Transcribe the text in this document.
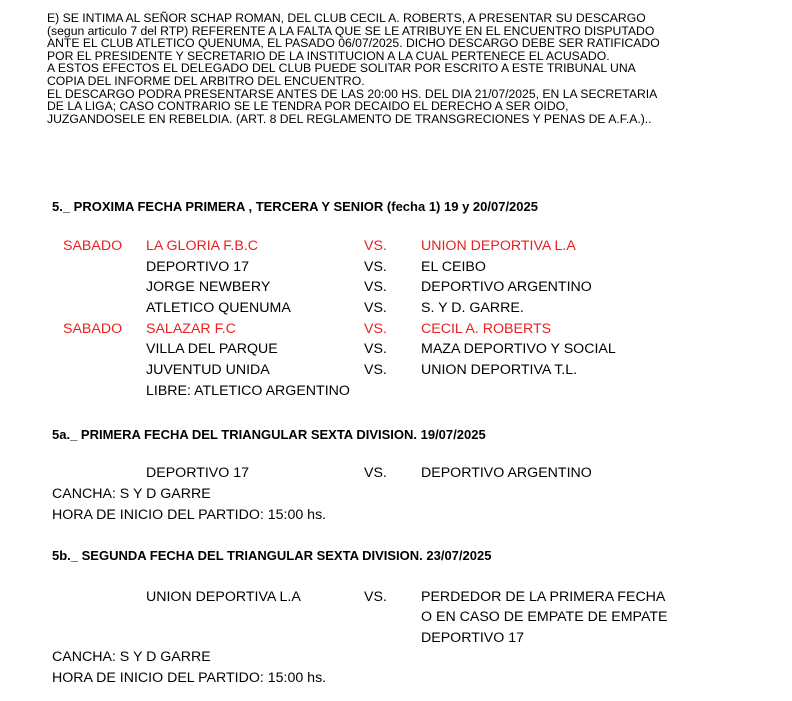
E) SE INTIMA AL SEÑOR SCHAP ROMAN, DEL CLUB CECIL A. ROBERTS, A PRESENTAR SU DESCARGO
(segun articulo 7 del RTP) REFERENTE A LA FALTA QUE SE LE ATRIBUYE EN EL ENCUENTRO DISPUTADO
ANTE EL CLUB ATLETICO QUENUMA, EL PASADO 06/07/2025. DICHO DESCARGO DEBE SER RATIFICADO
POR EL PRESIDENTE Y SECRETARIO DE LA INSTITUCION A LA CUAL PERTENECE EL ACUSADO.
A ESTOS EFECTOS EL DELEGADO DEL CLUB PUEDE SOLITAR POR ESCRITO A ESTE TRIBUNAL UNA
COPIA DEL INFORME DEL ARBITRO DEL ENCUENTRO.
EL DESCARGO PODRA PRESENTARSE ANTES DE LAS 20:00 HS. DEL DIA 21/07/2025, EN LA SECRETARIA
DE LA LIGA; CASO CONTRARIO SE LE TENDRA POR DECAIDO EL DERECHO A SER OIDO,
JUZGANDOSELE EN REBELDIA. (ART. 8 DEL REGLAMENTO DE TRANSGRECIONES Y PENAS DE A.F.A.)..
5._ PROXIMA FECHA PRIMERA , TERCERA Y SENIOR (fecha 1) 19 y 20/07/2025
SABADO LA GLORIA F.B.C	VS. UNION DEPORTIVA L.A
DEPORTIVO 17	VS. EL CEIBO
JORGE NEWBERY	VS. DEPORTIVO ARGENTINO
ATLETICO QUENUMA	VS. S. Y D. GARRE.
SABADO SALAZAR F.C	VS. CECIL A. ROBERTS
VILLA DEL PARQUE	VS. MAZA DEPORTIVO Y SOCIAL
JUVENTUD UNIDA	VS. UNION DEPORTIVA T.L.
LIBRE: ATLETICO ARGENTINO
5a._ PRIMERA FECHA DEL TRIANGULAR SEXTA DIVISION. 19/07/2025
DEPORTIVO 17	VS. DEPORTIVO ARGENTINO
CANCHA: S Y D GARRE
HORA DE INICIO DEL PARTIDO: 15:00 hs.
5b._ SEGUNDA FECHA DEL TRIANGULAR SEXTA DIVISION. 23/07/2025
UNION DEPORTIVA L.A	VS. PERDEDOR DE LA PRIMERA FECHA
O EN CASO DE EMPATE DE EMPATE
DEPORTIVO 17
CANCHA: S Y D GARRE
HORA DE INICIO DEL PARTIDO: 15:00 hs.
